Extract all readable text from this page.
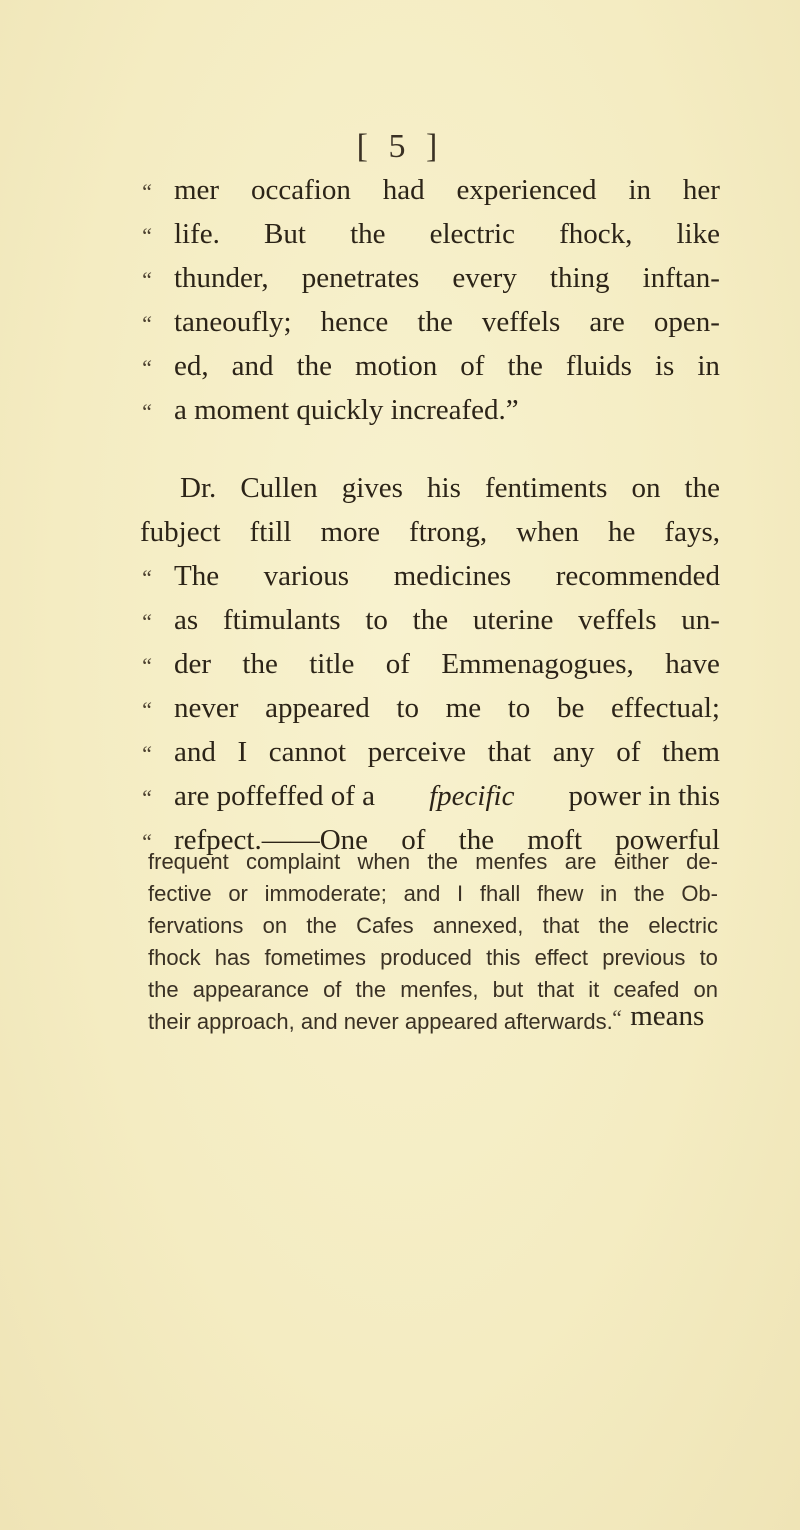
[ 5 ]
“ mer occafion had experienced in her
“ life. But the electric fhock, like
“ thunder, penetrates every thing inftan-
“ taneoufly; hence the veffels are open-
“ ed, and the motion of the fluids is in
“ a moment quickly increafed.”
Dr. Cullen gives his fentiments on the
fubject ftill more ftrong, when he fays,
“ The various medicines recommended
“ as ftimulants to the uterine veffels un-
“ der the title of Emmenagogues, have
“ never appeared to me to be effectual;
“ and I cannot perceive that any of them
“ are poffeffed of a fpecific power in this
“ refpect.——One of the moft powerful
frequent complaint when the menfes are either de-
fective or immoderate; and I fhall fhew in the Ob-
fervations on the Cafes annexed, that the electric
fhock has fometimes produced this effect previous to
the appearance of the menfes, but that it ceafed on
their approach, and never appeared afterwards.
“ means
